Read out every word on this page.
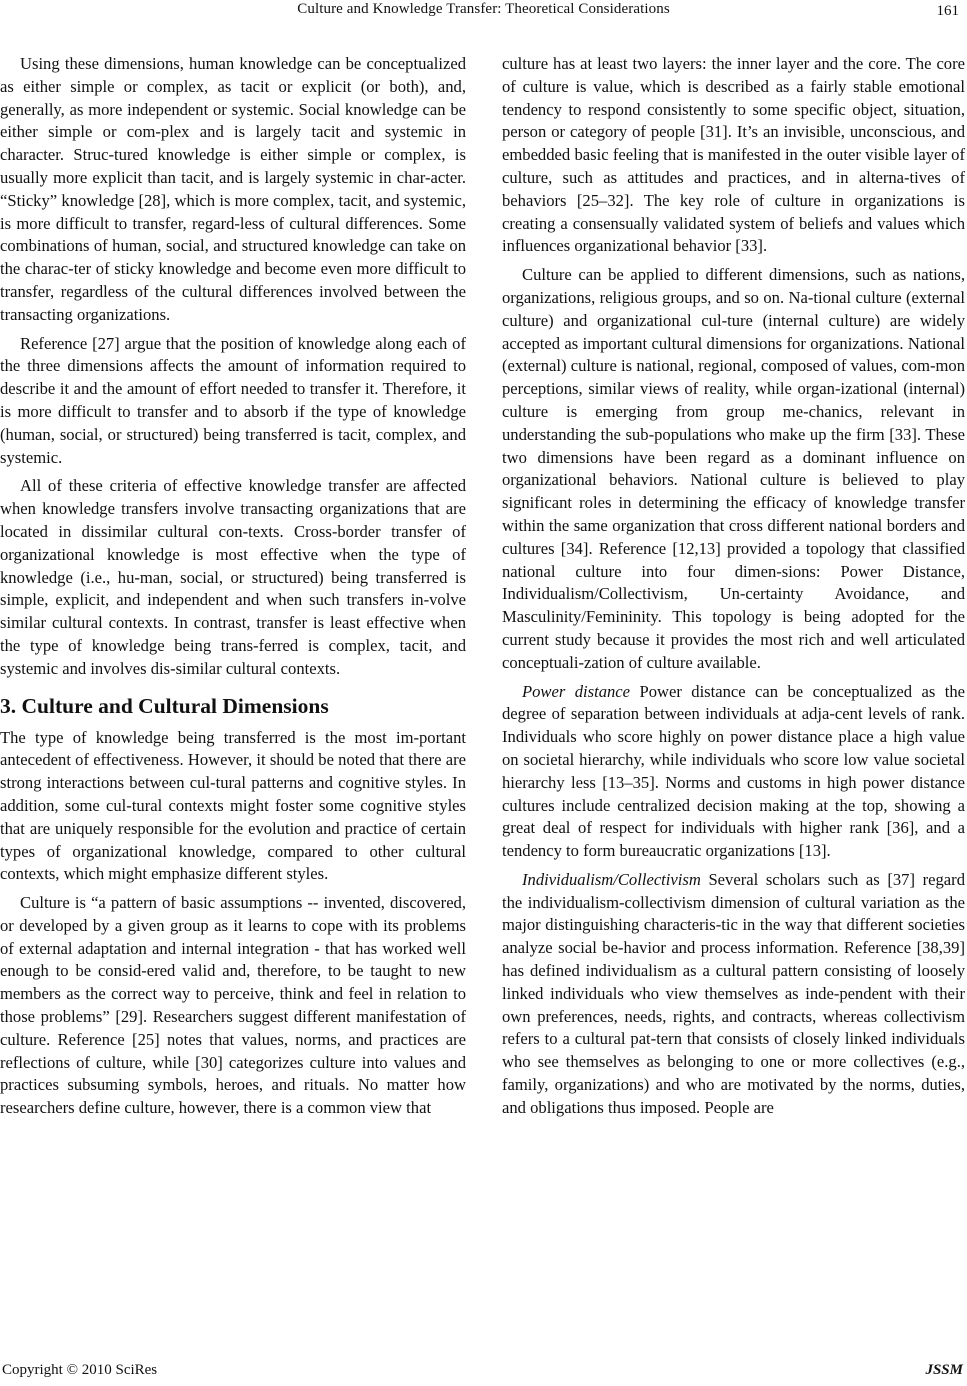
Culture and Knowledge Transfer: Theoretical Considerations	161

Using these dimensions, human knowledge can be conceptualized as either simple or complex, as tacit or explicit (or both), and, generally, as more independent or systemic. Social knowledge can be either simple or com-plex and is largely tacit and systemic in character. Struc-tured knowledge is either simple or complex, is usually more explicit than tacit, and is largely systemic in char-acter. “Sticky” knowledge [28], which is more complex, tacit, and systemic, is more difficult to transfer, regard-less of cultural differences. Some combinations of human, social, and structured knowledge can take on the charac-ter of sticky knowledge and become even more difficult to transfer, regardless of the cultural differences involved between the transacting organizations.

Reference [27] argue that the position of knowledge along each of the three dimensions affects the amount of information required to describe it and the amount of effort needed to transfer it. Therefore, it is more difficult to transfer and to absorb if the type of knowledge (human, social, or structured) being transferred is tacit, complex, and systemic.

All of these criteria of effective knowledge transfer are affected when knowledge transfers involve transacting organizations that are located in dissimilar cultural con-texts. Cross-border transfer of organizational knowledge is most effective when the type of knowledge (i.e., hu-man, social, or structured) being transferred is simple, explicit, and independent and when such transfers in-volve similar cultural contexts. In contrast, transfer is least effective when the type of knowledge being trans-ferred is complex, tacit, and systemic and involves dis-similar cultural contexts.

3. Culture and Cultural Dimensions

The type of knowledge being transferred is the most im-portant antecedent of effectiveness. However, it should be noted that there are strong interactions between cul-tural patterns and cognitive styles. In addition, some cul-tural contexts might foster some cognitive styles that are uniquely responsible for the evolution and practice of certain types of organizational knowledge, compared to other cultural contexts, which might emphasize different styles.

Culture is “a pattern of basic assumptions -- invented, discovered, or developed by a given group as it learns to cope with its problems of external adaptation and internal integration - that has worked well enough to be consid-ered valid and, therefore, to be taught to new members as the correct way to perceive, think and feel in relation to those problems” [29]. Researchers suggest different manifestation of culture. Reference [25] notes that values, norms, and practices are reflections of culture, while [30] categorizes culture into values and practices subsuming symbols, heroes, and rituals. No matter how researchers define culture, however, there is a common view that

culture has at least two layers: the inner layer and the core. The core of culture is value, which is described as a fairly stable emotional tendency to respond consistently to some specific object, situation, person or category of people [31]. It’s an invisible, unconscious, and embedded basic feeling that is manifested in the outer visible layer of culture, such as attitudes and practices, and in alterna-tives of behaviors [25–32]. The key role of culture in organizations is creating a consensually validated system of beliefs and values which influences organizational behavior [33].

Culture can be applied to different dimensions, such as nations, organizations, religious groups, and so on. Na-tional culture (external culture) and organizational cul-ture (internal culture) are widely accepted as important cultural dimensions for organizations. National (external) culture is national, regional, composed of values, com-mon perceptions, similar views of reality, while organ-izational (internal) culture is emerging from group me-chanics, relevant in understanding the sub-populations who make up the firm [33]. These two dimensions have been regard as a dominant influence on organizational behaviors. National culture is believed to play significant roles in determining the efficacy of knowledge transfer within the same organization that cross different national borders and cultures [34]. Reference [12,13] provided a topology that classified national culture into four dimen-sions: Power Distance, Individualism/Collectivism, Un-certainty Avoidance, and Masculinity/Femininity. This topology is being adopted for the current study because it provides the most rich and well articulated conceptuali-zation of culture available.

Power distance Power distance can be conceptualized as the degree of separation between individuals at adja-cent levels of rank. Individuals who score highly on power distance place a high value on societal hierarchy, while individuals who score low value societal hierarchy less [13–35]. Norms and customs in high power distance cultures include centralized decision making at the top, showing a great deal of respect for individuals with higher rank [36], and a tendency to form bureaucratic organizations [13].

Individualism/Collectivism Several scholars such as [37] regard the individualism-collectivism dimension of cultural variation as the major distinguishing characteris-tic in the way that different societies analyze social be-havior and process information. Reference [38,39] has defined individualism as a cultural pattern consisting of loosely linked individuals who view themselves as inde-pendent with their own preferences, needs, rights, and contracts, whereas collectivism refers to a cultural pat-tern that consists of closely linked individuals who see themselves as belonging to one or more collectives (e.g., family, organizations) and who are motivated by the norms, duties, and obligations thus imposed. People are

Copyright © 2010 SciRes	JSSM
